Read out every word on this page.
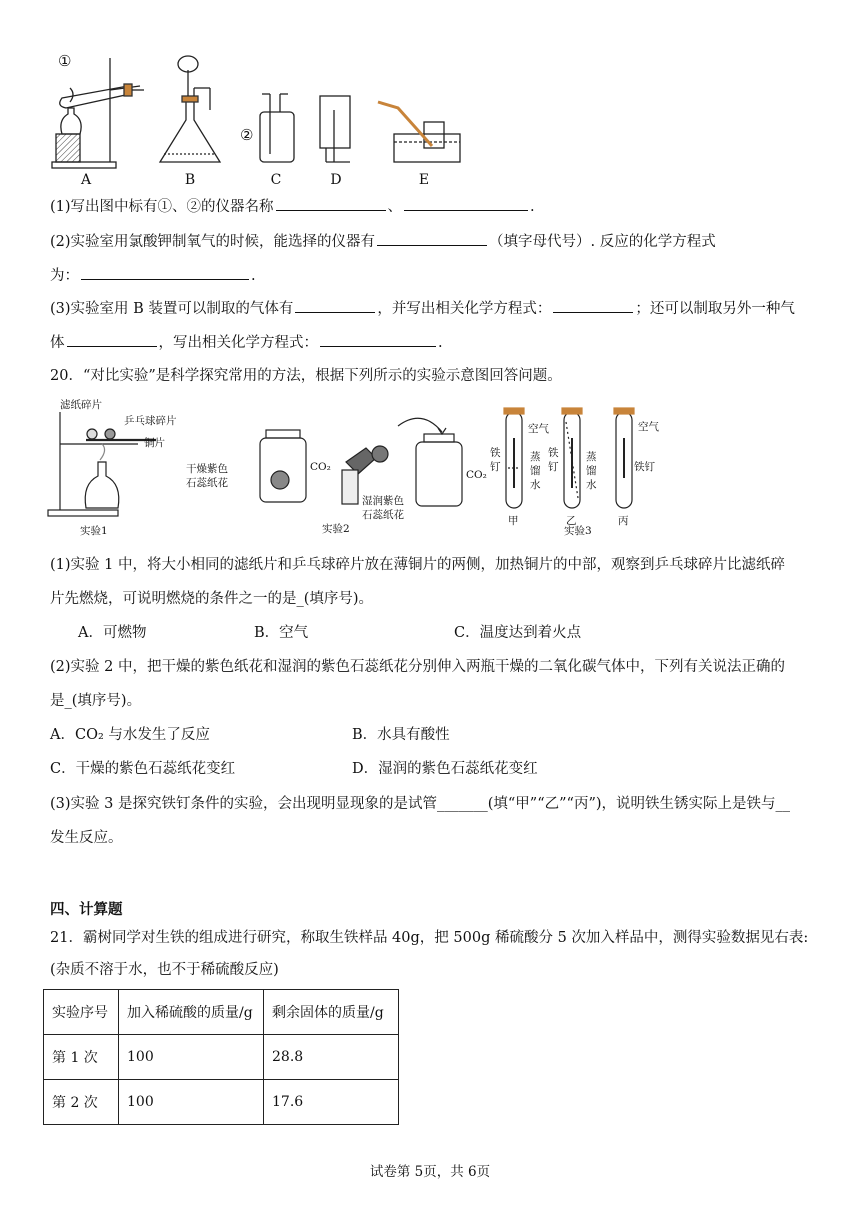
①
②
A	B	C	D	E
(1)写出图中标有①、②的仪器名称	、	.
(2)实验室用氯酸钾制氧气的时候，能选择的仪器有	（填字母代号）. 反应的化学方程式
为：	.
(3)实验室用 B 装置可以制取的气体有	，并写出相关化学方程式：	；还可以制取另外一种气
体	，写出相关化学方程式：	.
20．“对比实验”是科学探究常用的方法，根据下列所示的实验示意图回答问题。
滤纸碎片
乒乓球碎片
铜片
实验1
干燥紫色
石蕊纸花
CO₂
湿润紫色
石蕊纸花
CO₂
实验2
空气
铁
钉
蒸
馏
水
铁
钉
蒸
馏
水
空气
铁钉
甲	乙	丙
实验3
(1)实验 1 中，将大小相同的滤纸片和乒乓球碎片放在薄铜片的两侧，加热铜片的中部，观察到乒乓球碎片比滤纸碎
片先燃烧，可说明燃烧的条件之一的是_(填序号)。
A．可燃物	B．空气	C．温度达到着火点
(2)实验 2 中，把干燥的紫色纸花和湿润的紫色石蕊纸花分别伸入两瓶干燥的二氧化碳气体中，下列有关说法正确的
是_(填序号)。
A．CO₂ 与水发生了反应	B．水具有酸性
C．干燥的紫色石蕊纸花变红	D．湿润的紫色石蕊纸花变红
(3)实验 3 是探究铁钉条件的实验，会出现明显现象的是试管_______(填“甲”“乙”“丙”)，说明铁生锈实际上是铁与__
发生反应。
四、计算题
21．霸树同学对生铁的组成进行研究，称取生铁样品 40g，把 500g 稀硫酸分 5 次加入样品中，测得实验数据见右表:
(杂质不溶于水，也不于稀硫酸反应)
实验序号	加入稀硫酸的质量/g	剩余固体的质量/g
第 1 次	100	28.8
第 2 次	100	17.6
试卷第 5页，共 6页
